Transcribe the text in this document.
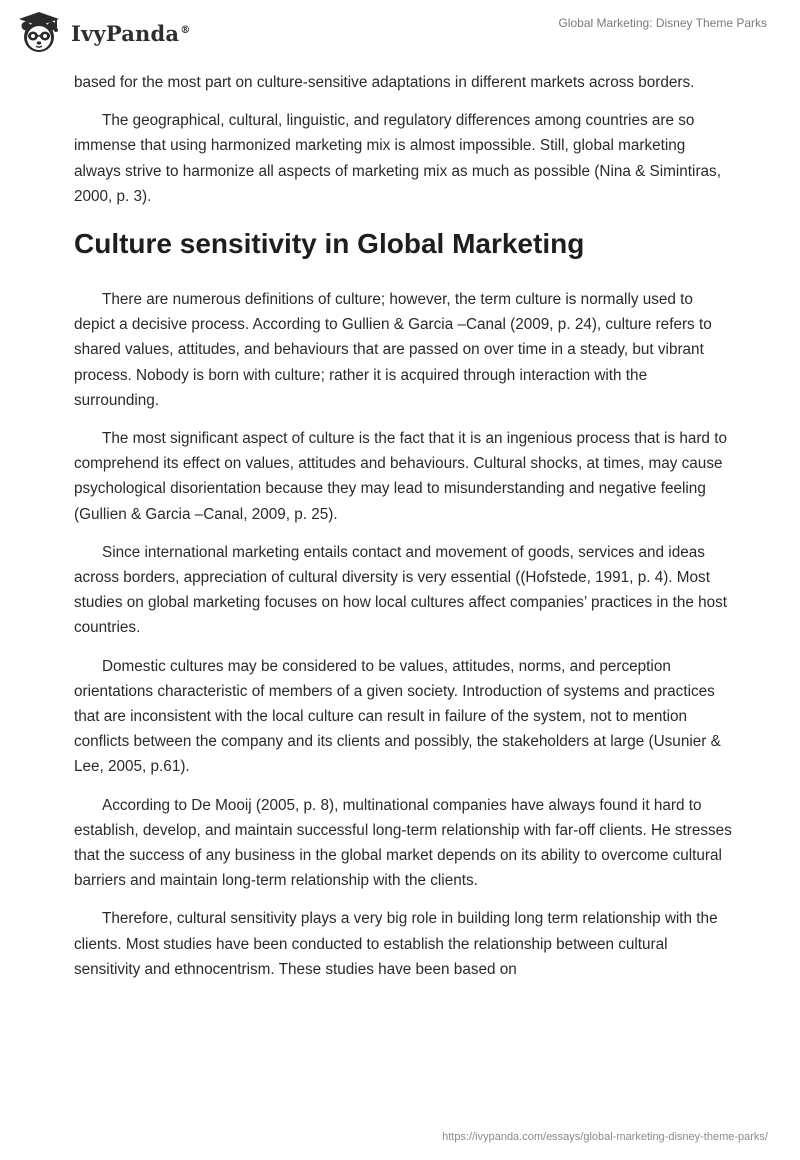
IvyPanda®	Global Marketing: Disney Theme Parks

based for the most part on culture-sensitive adaptations in different markets across borders.

The geographical, cultural, linguistic, and regulatory differences among countries are so immense that using harmonized marketing mix is almost impossible. Still, global marketing always strive to harmonize all aspects of marketing mix as much as possible (Nina & Simintiras, 2000, p. 3).

Culture sensitivity in Global Marketing

There are numerous definitions of culture; however, the term culture is normally used to depict a decisive process. According to Gullien & Garcia –Canal (2009, p. 24), culture refers to shared values, attitudes, and behaviours that are passed on over time in a steady, but vibrant process. Nobody is born with culture; rather it is acquired through interaction with the surrounding.

The most significant aspect of culture is the fact that it is an ingenious process that is hard to comprehend its effect on values, attitudes and behaviours. Cultural shocks, at times, may cause psychological disorientation because they may lead to misunderstanding and negative feeling (Gullien & Garcia –Canal, 2009, p. 25).

Since international marketing entails contact and movement of goods, services and ideas across borders, appreciation of cultural diversity is very essential ((Hofstede, 1991, p. 4). Most studies on global marketing focuses on how local cultures affect companies’ practices in the host countries.

Domestic cultures may be considered to be values, attitudes, norms, and perception orientations characteristic of members of a given society. Introduction of systems and practices that are inconsistent with the local culture can result in failure of the system, not to mention conflicts between the company and its clients and possibly, the stakeholders at large (Usunier & Lee, 2005, p.61).

According to De Mooij (2005, p. 8), multinational companies have always found it hard to establish, develop, and maintain successful long-term relationship with far-off clients. He stresses that the success of any business in the global market depends on its ability to overcome cultural barriers and maintain long-term relationship with the clients.

Therefore, cultural sensitivity plays a very big role in building long term relationship with the clients. Most studies have been conducted to establish the relationship between cultural sensitivity and ethnocentrism. These studies have been based on

https://ivypanda.com/essays/global-marketing-disney-theme-parks/
